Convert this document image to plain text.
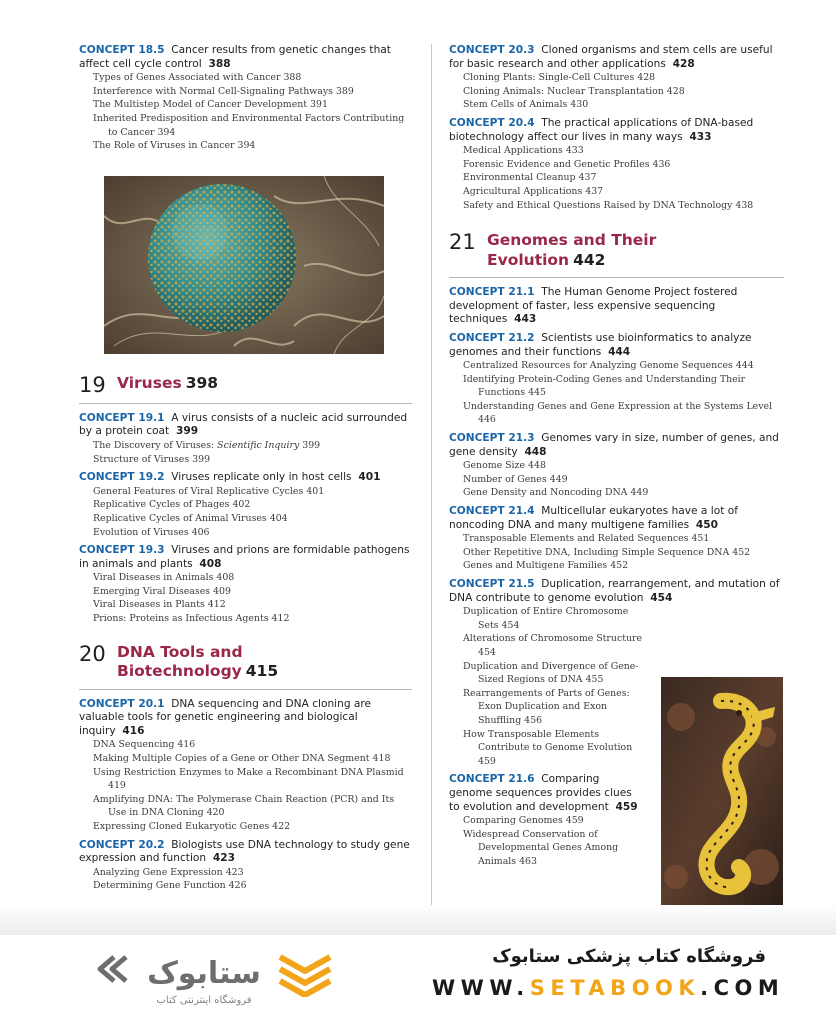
CONCEPT 18.5 Cancer results from genetic changes that affect cell cycle control 388

Types of Genes Associated with Cancer 388

Interference with Normal Cell-Signaling Pathways 389

The Multistep Model of Cancer Development 391

Inherited Predisposition and Environmental Factors Contributing to Cancer 394

The Role of Viruses in Cancer 394

19 Viruses 398

CONCEPT 19.1 A virus consists of a nucleic acid surrounded by a protein coat 399

The Discovery of Viruses: Scientific Inquiry 399

Structure of Viruses 399

CONCEPT 19.2 Viruses replicate only in host cells 401

General Features of Viral Replicative Cycles 401

Replicative Cycles of Phages 402

Replicative Cycles of Animal Viruses 404

Evolution of Viruses 406

CONCEPT 19.3 Viruses and prions are formidable pathogens in animals and plants 408

Viral Diseases in Animals 408

Emerging Viral Diseases 409

Viral Diseases in Plants 412

Prions: Proteins as Infectious Agents 412

20 DNA Tools and
Biotechnology 415

CONCEPT 20.1 DNA sequencing and DNA cloning are valuable tools for genetic engineering and biological inquiry 416

DNA Sequencing 416

Making Multiple Copies of a Gene or Other DNA Segment 418

Using Restriction Enzymes to Make a Recombinant DNA Plasmid 419

Amplifying DNA: The Polymerase Chain Reaction (PCR) and Its Use in DNA Cloning 420

Expressing Cloned Eukaryotic Genes 422

CONCEPT 20.2 Biologists use DNA technology to study gene expression and function 423

Analyzing Gene Expression 423

Determining Gene Function 426

CONCEPT 20.3 Cloned organisms and stem cells are useful for basic research and other applications 428

Cloning Plants: Single-Cell Cultures 428

Cloning Animals: Nuclear Transplantation 428

Stem Cells of Animals 430

CONCEPT 20.4 The practical applications of DNA-based biotechnology affect our lives in many ways 433

Medical Applications 433

Forensic Evidence and Genetic Profiles 436

Environmental Cleanup 437

Agricultural Applications 437

Safety and Ethical Questions Raised by DNA Technology 438

21 Genomes and Their
Evolution 442

CONCEPT 21.1 The Human Genome Project fostered development of faster, less expensive sequencing techniques 443

CONCEPT 21.2 Scientists use bioinformatics to analyze genomes and their functions 444

Centralized Resources for Analyzing Genome Sequences 444

Identifying Protein-Coding Genes and Understanding Their Functions 445

Understanding Genes and Gene Expression at the Systems Level 446

CONCEPT 21.3 Genomes vary in size, number of genes, and gene density 448

Genome Size 448

Number of Genes 449

Gene Density and Noncoding DNA 449

CONCEPT 21.4 Multicellular eukaryotes have a lot of noncoding DNA and many multigene families 450

Transposable Elements and Related Sequences 451

Other Repetitive DNA, Including Simple Sequence DNA 452

Genes and Multigene Families 452

CONCEPT 21.5 Duplication, rearrangement, and mutation of DNA contribute to genome evolution 454

Duplication of Entire Chromosome Sets 454

Alterations of Chromosome Structure 454

Duplication and Divergence of Gene-Sized Regions of DNA 455

Rearrangements of Parts of Genes: Exon Duplication and Exon Shuffling 456

How Transposable Elements Contribute to Genome Evolution 459

CONCEPT 21.6 Comparing genome sequences provides clues to evolution and development 459

Comparing Genomes 459

Widespread Conservation of Developmental Genes Among Animals 463

ستابوک
فروشگاه اینترنتی کتاب
فروشگاه کتاب پزشکی ستابوک
WWW.SETABOOK.COM
